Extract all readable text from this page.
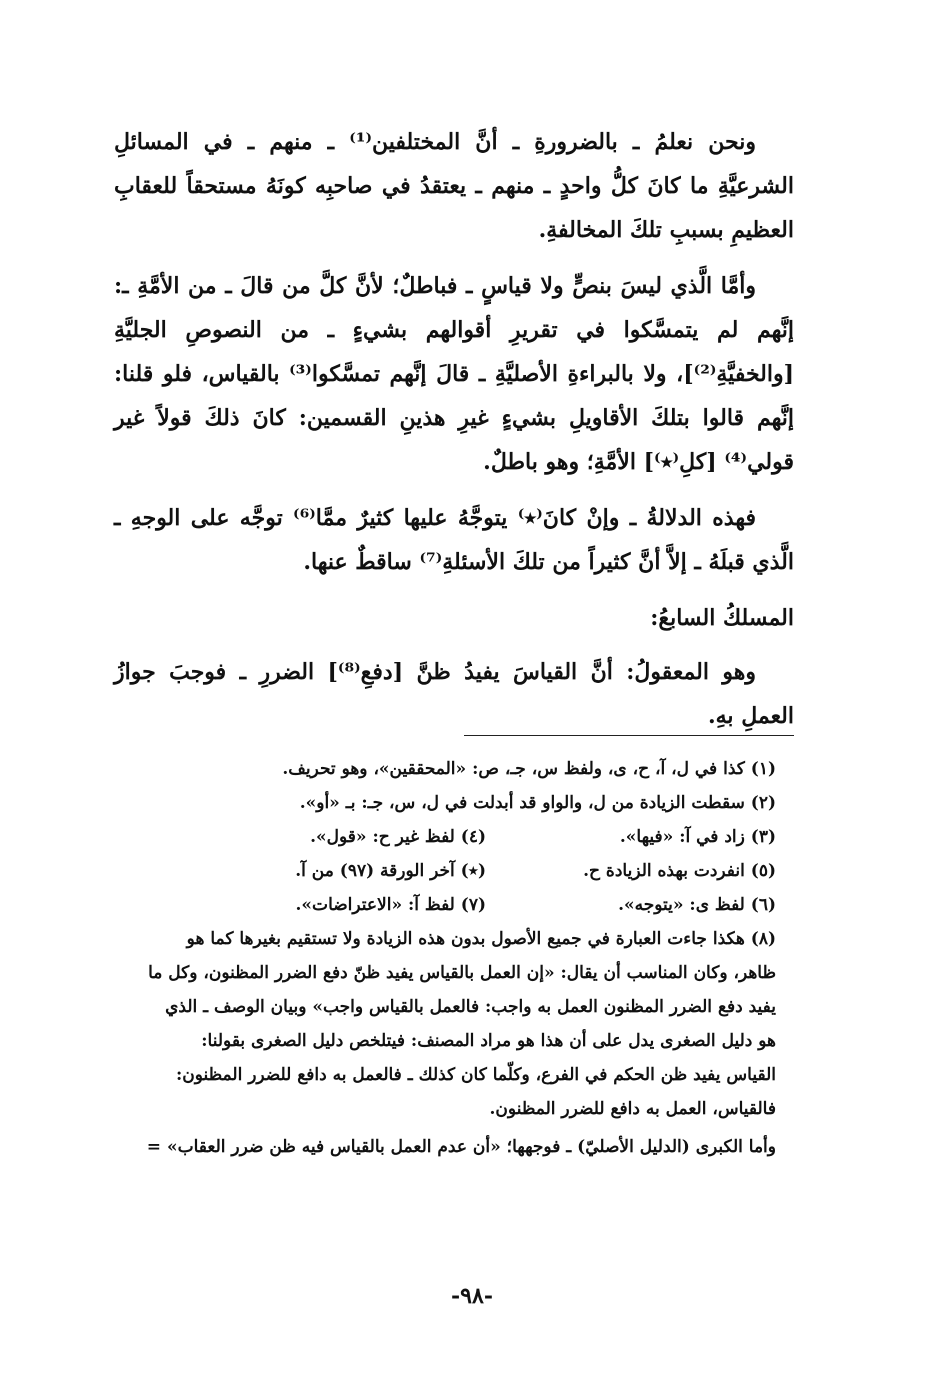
ونحن نعلمُ ـ بالضرورةِ ـ أنَّ المختلفين⁽¹⁾ ـ منهم ـ في المسائلِ الشرعيَّةِ ما كانَ كلُّ واحدٍ ـ منهم ـ يعتقدُ في صاحبِه كونَهُ مستحقاً للعقابِ العظيمِ بسببِ تلكَ المخالفةِ.

وأمَّا الَّذي ليسَ بنصٍّ ولا قياسٍ ـ فباطلٌ؛ لأنَّ كلَّ من قالَ ـ من الأمَّةِ ـ: إنَّهم لم يتمسَّكوا في تقريرِ أقوالهم بشيءٍ ـ من النصوصِ الجليَّةِ [والخفيَّةِ⁽²⁾]، ولا بالبراءةِ الأصليَّةِ ـ قالَ إنَّهم تمسَّكوا⁽³⁾ بالقياس، فلو قلنا: إنَّهم قالوا بتلكَ الأقاويلِ بشيءٍ غيرِ هذينِ القسمين: كانَ ذلكَ قولاً غير قولي⁽⁴⁾ [كلِ⁽٭⁾] الأمَّةِ؛ وهو باطلٌ.

فهذه الدلالةُ ـ وإنْ كانَ⁽٭⁾ يتوجَّهُ عليها كثيرٌ ممَّا⁽⁶⁾ توجَّه على الوجهِ ـ الَّذي قبلَهُ ـ إلاَّ أنَّ كثيراً من تلكَ الأسئلةِ⁽⁷⁾ ساقطٌ عنها.

المسلكُ السابعُ:

وهو المعقولُ: أنَّ القياسَ يفيدُ ظنَّ [دفعِ⁽⁸⁾] الضررِ ـ فوجبَ جوازُ العملِ بهِ.

(١) كذا في ل، آ، ح، ى، ولفظ س، جـ، ص: «المحققين»، وهو تحريف.
(٢) سقطت الزيادة من ل، والواو قد أبدلت في ل، س، جـ: بـ «أو».
(٣) زاد في آ: «فيها».
(٤) لفظ غير ح: «قول».
(٥) انفردت بهذه الزيادة ح.
(٭) آخر الورقة (٩٧) من آ.
(٦) لفظ ى: «يتوجه».
(٧) لفظ آ: «الاعتراضات».
(٨) هكذا جاءت العبارة في جميع الأصول بدون هذه الزيادة ولا تستقيم بغيرها كما هو
ظاهر، وكان المناسب أن يقال: «إن العمل بالقياس يفيد ظنّ دفع الضرر المظنون، وكل ما
يفيد دفع الضرر المظنون العمل به واجب: فالعمل بالقياس واجب» وبيان الوصف ـ الذي
هو دليل الصغرى يدل على أن هذا هو مراد المصنف: فيتلخص دليل الصغرى بقولنا:
القياس يفيد ظن الحكم في الفرع، وكلّما كان كذلك ـ فالعمل به دافع للضرر المظنون:
فالقياس، العمل به دافع للضرر المظنون.
وأما الكبرى (الدليل الأصليّ) ـ فوجهها؛ «أن عدم العمل بالقياس فيه ظن ضرر العقاب» =
-٩٨-
